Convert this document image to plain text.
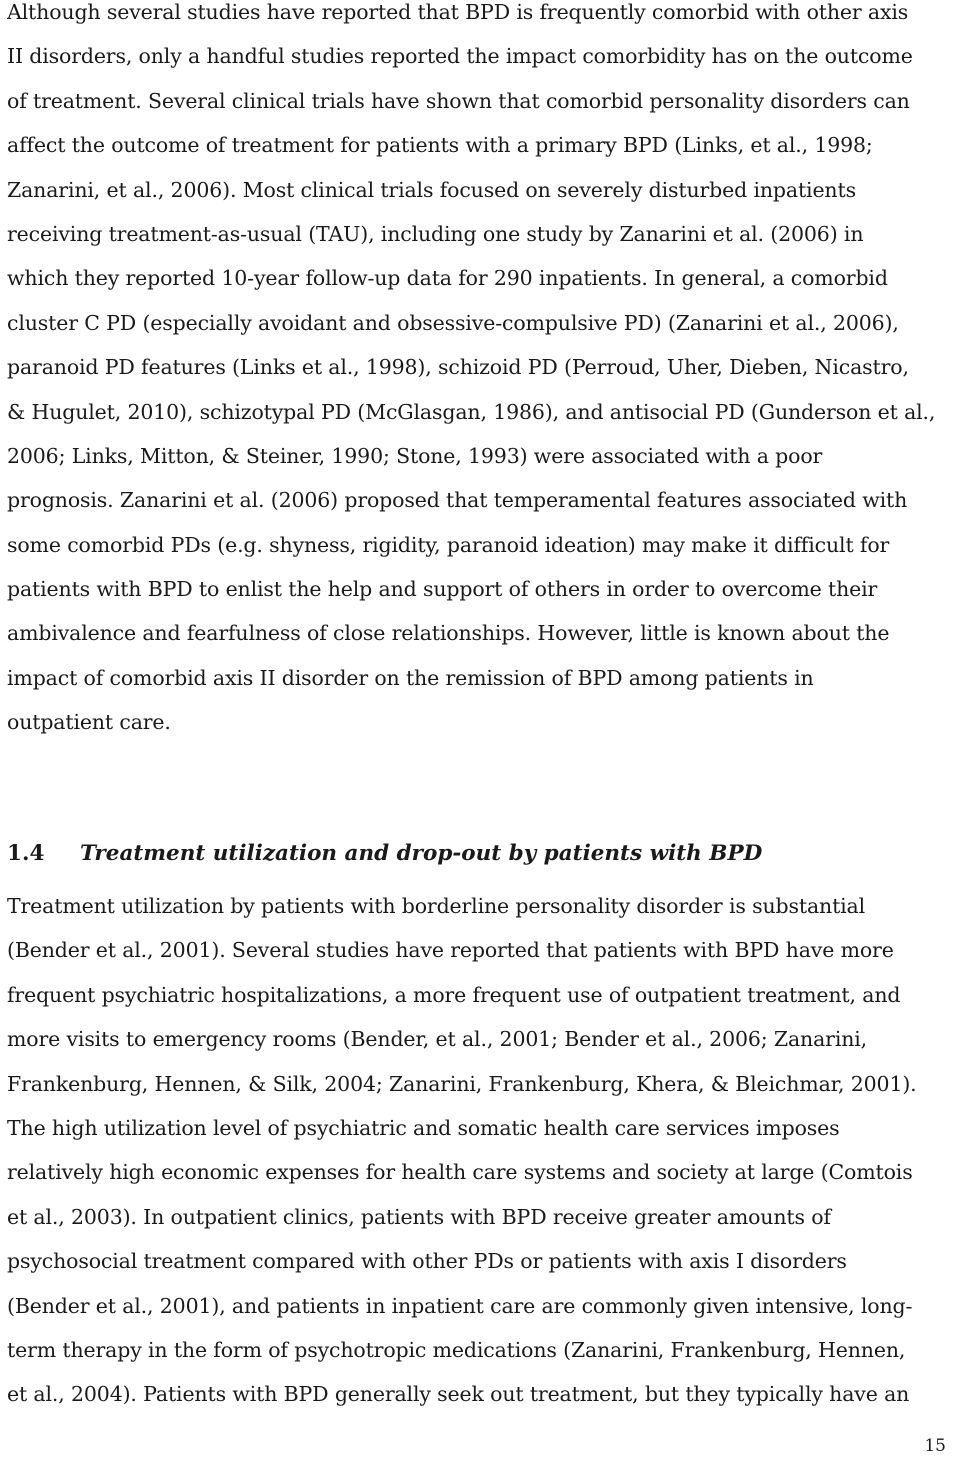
Although several studies have reported that BPD is frequently comorbid with other axis
II disorders, only a handful studies reported the impact comorbidity has on the outcome
of treatment. Several clinical trials have shown that comorbid personality disorders can
affect the outcome of treatment for patients with a primary BPD (Links, et al., 1998;
Zanarini, et al., 2006). Most clinical trials focused on severely disturbed inpatients
receiving treatment-as-usual (TAU), including one study by Zanarini et al. (2006) in
which they reported 10-year follow-up data for 290 inpatients. In general, a comorbid
cluster C PD (especially avoidant and obsessive-compulsive PD) (Zanarini et al., 2006),
paranoid PD features (Links et al., 1998), schizoid PD (Perroud, Uher, Dieben, Nicastro,
& Hugulet, 2010), schizotypal PD (McGlasgan, 1986), and antisocial PD (Gunderson et al.,
2006; Links, Mitton, & Steiner, 1990; Stone, 1993) were associated with a poor
prognosis. Zanarini et al. (2006) proposed that temperamental features associated with
some comorbid PDs (e.g. shyness, rigidity, paranoid ideation) may make it difficult for
patients with BPD to enlist the help and support of others in order to overcome their
ambivalence and fearfulness of close relationships. However, little is known about the
impact of comorbid axis II disorder on the remission of BPD among patients in
outpatient care.
1.4 Treatment utilization and drop-out by patients with BPD
Treatment utilization by patients with borderline personality disorder is substantial
(Bender et al., 2001). Several studies have reported that patients with BPD have more
frequent psychiatric hospitalizations, a more frequent use of outpatient treatment, and
more visits to emergency rooms (Bender, et al., 2001; Bender et al., 2006; Zanarini,
Frankenburg, Hennen, & Silk, 2004; Zanarini, Frankenburg, Khera, & Bleichmar, 2001).
The high utilization level of psychiatric and somatic health care services imposes
relatively high economic expenses for health care systems and society at large (Comtois
et al., 2003). In outpatient clinics, patients with BPD receive greater amounts of
psychosocial treatment compared with other PDs or patients with axis I disorders
(Bender et al., 2001), and patients in inpatient care are commonly given intensive, long-
term therapy in the form of psychotropic medications (Zanarini, Frankenburg, Hennen,
et al., 2004). Patients with BPD generally seek out treatment, but they typically have an
15
